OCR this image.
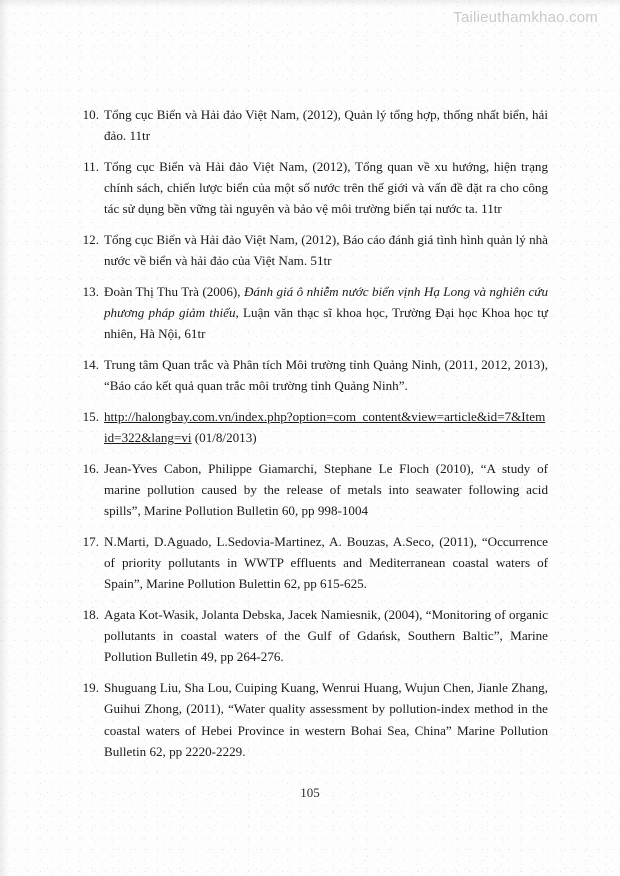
Tailieuthamkhao.com
10. Tổng cục Biển và Hải đảo Việt Nam, (2012), Quản lý tổng hợp, thống nhất biển, hải đảo. 11tr
11. Tổng cục Biển và Hải đảo Việt Nam, (2012), Tổng quan về xu hướng, hiện trạng chính sách, chiến lược biển của một số nước trên thế giới và vấn đề đặt ra cho công tác sử dụng bền vững tài nguyên và bảo vệ môi trường biển tại nước ta. 11tr
12. Tổng cục Biển và Hải đảo Việt Nam, (2012), Báo cáo đánh giá tình hình quản lý nhà nước về biển và hải đảo của Việt Nam. 51tr
13. Đoàn Thị Thu Trà (2006), Đánh giá ô nhiễm nước biển vịnh Hạ Long và nghiên cứu phương pháp giảm thiểu, Luận văn thạc sĩ khoa học, Trường Đại học Khoa học tự nhiên, Hà Nội, 61tr
14. Trung tâm Quan trắc và Phân tích Môi trường tỉnh Quảng Ninh, (2011, 2012, 2013), “Báo cáo kết quả quan trắc môi trường tỉnh Quảng Ninh”.
15. http://halongbay.com.vn/index.php?option=com_content&view=article&id=7&Itemid=322&lang=vi (01/8/2013)
16. Jean-Yves Cabon, Philippe Giamarchi, Stephane Le Floch (2010), “A study of marine pollution caused by the release of metals into seawater following acid spills”, Marine Pollution Bulletin 60, pp 998-1004
17. N.Marti, D.Aguado, L.Sedovia-Martinez, A. Bouzas, A.Seco, (2011), “Occurrence of priority pollutants in WWTP effluents and Mediterranean coastal waters of Spain”, Marine Pollution Bulettin 62, pp 615-625.
18. Agata Kot-Wasik, Jolanta Debska, Jacek Namiesnik, (2004), “Monitoring of organic pollutants in coastal waters of the Gulf of Gdańsk, Southern Baltic”, Marine Pollution Bulletin 49, pp 264-276.
19. Shuguang Liu, Sha Lou, Cuiping Kuang, Wenrui Huang, Wujun Chen, Jianle Zhang, Guihui Zhong, (2011), “Water quality assessment by pollution-index method in the coastal waters of Hebei Province in western Bohai Sea, China” Marine Pollution Bulletin 62, pp 2220-2229.
105
